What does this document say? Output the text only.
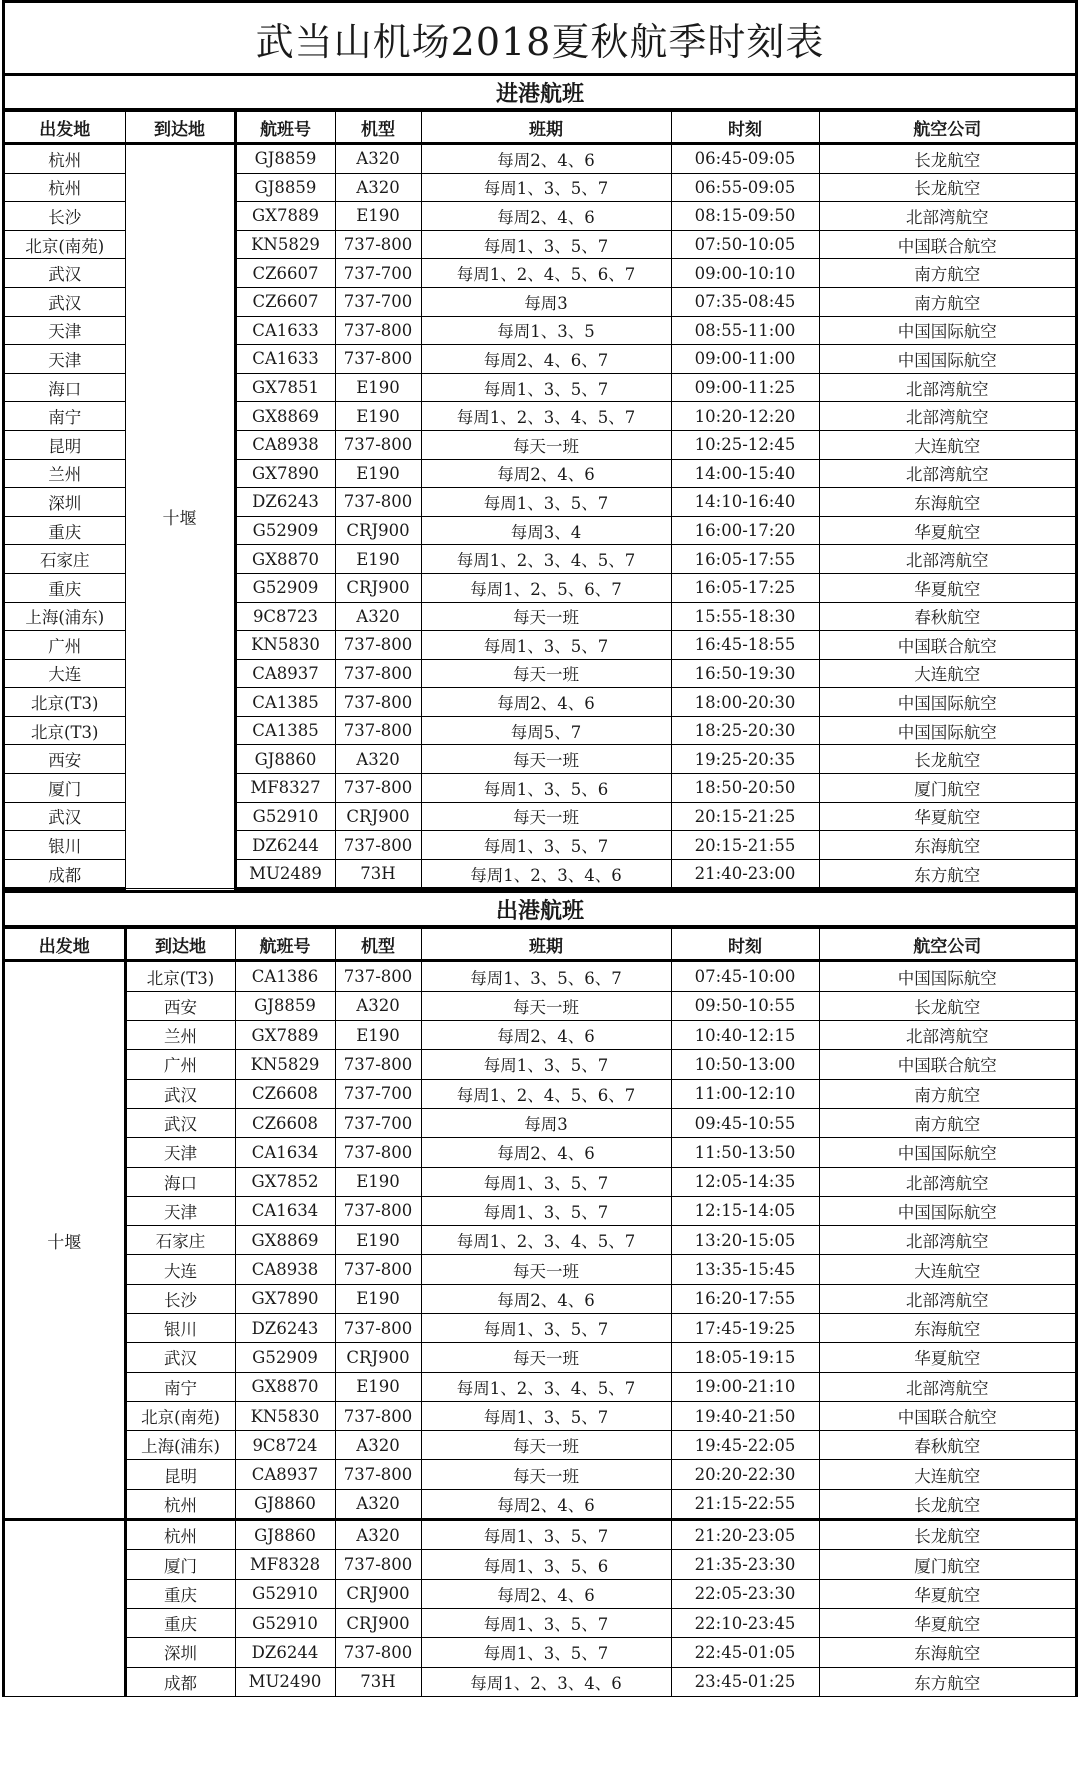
武当山机场2018夏秋航季时刻表
进港航班
出发地	到达地	航班号	机型	班期	时刻	航空公司
杭州	十堰	GJ8859	A320	每周2、4、6	06:45-09:05	长龙航空
杭州		GJ8859	A320	每周1、3、5、7	06:55-09:05	长龙航空
长沙		GX7889	E190	每周2、4、6	08:15-09:50	北部湾航空
北京(南苑)		KN5829	737-800	每周1、3、5、7	07:50-10:05	中国联合航空
武汉		CZ6607	737-700	每周1、2、4、5、6、7	09:00-10:10	南方航空
武汉		CZ6607	737-700	每周3	07:35-08:45	南方航空
天津		CA1633	737-800	每周1、3、5	08:55-11:00	中国国际航空
天津		CA1633	737-800	每周2、4、6、7	09:00-11:00	中国国际航空
海口		GX7851	E190	每周1、3、5、7	09:00-11:25	北部湾航空
南宁		GX8869	E190	每周1、2、3、4、5、7	10:20-12:20	北部湾航空
昆明		CA8938	737-800	每天一班	10:25-12:45	大连航空
兰州		GX7890	E190	每周2、4、6	14:00-15:40	北部湾航空
深圳		DZ6243	737-800	每周1、3、5、7	14:10-16:40	东海航空
重庆		G52909	CRJ900	每周3、4	16:00-17:20	华夏航空
石家庄		GX8870	E190	每周1、2、3、4、5、7	16:05-17:55	北部湾航空
重庆		G52909	CRJ900	每周1、2、5、6、7	16:05-17:25	华夏航空
上海(浦东)		9C8723	A320	每天一班	15:55-18:30	春秋航空
广州		KN5830	737-800	每周1、3、5、7	16:45-18:55	中国联合航空
大连		CA8937	737-800	每天一班	16:50-19:30	大连航空
北京(T3)		CA1385	737-800	每周2、4、6	18:00-20:30	中国国际航空
北京(T3)		CA1385	737-800	每周5、7	18:25-20:30	中国国际航空
西安		GJ8860	A320	每天一班	19:25-20:35	长龙航空
厦门		MF8327	737-800	每周1、3、5、6	18:50-20:50	厦门航空
武汉		G52910	CRJ900	每天一班	20:15-21:25	华夏航空
银川		DZ6244	737-800	每周1、3、5、7	20:15-21:55	东海航空
成都		MU2489	73H	每周1、2、3、4、6	21:40-23:00	东方航空
出港航班
出发地	到达地	航班号	机型	班期	时刻	航空公司
十堰	北京(T3)	CA1386	737-800	每周1、3、5、6、7	07:45-10:00	中国国际航空
	西安	GJ8859	A320	每天一班	09:50-10:55	长龙航空
	兰州	GX7889	E190	每周2、4、6	10:40-12:15	北部湾航空
	广州	KN5829	737-800	每周1、3、5、7	10:50-13:00	中国联合航空
	武汉	CZ6608	737-700	每周1、2、4、5、6、7	11:00-12:10	南方航空
	武汉	CZ6608	737-700	每周3	09:45-10:55	南方航空
	天津	CA1634	737-800	每周2、4、6	11:50-13:50	中国国际航空
	海口	GX7852	E190	每周1、3、5、7	12:05-14:35	北部湾航空
	天津	CA1634	737-800	每周1、3、5、7	12:15-14:05	中国国际航空
	石家庄	GX8869	E190	每周1、2、3、4、5、7	13:20-15:05	北部湾航空
	大连	CA8938	737-800	每天一班	13:35-15:45	大连航空
	长沙	GX7890	E190	每周2、4、6	16:20-17:55	北部湾航空
	银川	DZ6243	737-800	每周1、3、5、7	17:45-19:25	东海航空
	武汉	G52909	CRJ900	每天一班	18:05-19:15	华夏航空
	南宁	GX8870	E190	每周1、2、3、4、5、7	19:00-21:10	北部湾航空
	北京(南苑)	KN5830	737-800	每周1、3、5、7	19:40-21:50	中国联合航空
	上海(浦东)	9C8724	A320	每天一班	19:45-22:05	春秋航空
	昆明	CA8937	737-800	每天一班	20:20-22:30	大连航空
	杭州	GJ8860	A320	每周2、4、6	21:15-22:55	长龙航空
	杭州	GJ8860	A320	每周1、3、5、7	21:20-23:05	长龙航空
	厦门	MF8328	737-800	每周1、3、5、6	21:35-23:30	厦门航空
	重庆	G52910	CRJ900	每周2、4、6	22:05-23:30	华夏航空
	重庆	G52910	CRJ900	每周1、3、5、7	22:10-23:45	华夏航空
	深圳	DZ6244	737-800	每周1、3、5、7	22:45-01:05	东海航空
	成都	MU2490	73H	每周1、2、3、4、6	23:45-01:25	东方航空
